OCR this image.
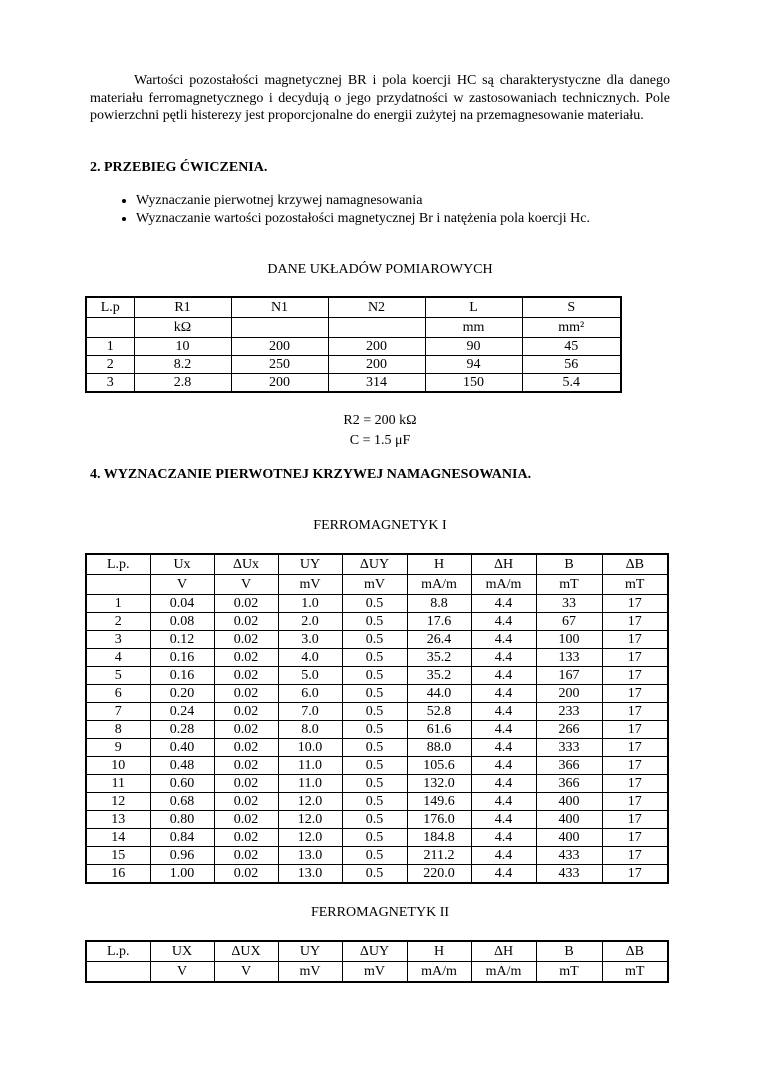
Wartości pozostałości magnetycznej BR i pola koercji HC są charakterystyczne dla danego materiału ferromagnetycznego i decydują o jego przydatności w zastosowaniach technicznych. Pole powierzchni pętli histerezy jest proporcjonalne do energii zużytej na przemagnesowanie materiału.

2. PRZEBIEG ĆWICZENIA.

• Wyznaczanie pierwotnej krzywej namagnesowania
• Wyznaczanie wartości pozostałości magnetycznej Br i natężenia pola koercji Hc.

DANE UKŁADÓW POMIAROWYCH

L.p	R1	N1	N2	L	S
	kΩ			mm	mm²
1	10	200	200	90	45
2	8.2	250	200	94	56
3	2.8	200	314	150	5.4

R2 = 200 kΩ

C = 1.5 μF

4. WYZNACZANIE PIERWOTNEJ KRZYWEJ NAMAGNESOWANIA.

FERROMAGNETYK I

L.p.	Ux	ΔUx	UY	ΔUY	H	ΔH	B	ΔB
	V	V	mV	mV	mA/m	mA/m	mT	mT
1	0.04	0.02	1.0	0.5	8.8	4.4	33	17
2	0.08	0.02	2.0	0.5	17.6	4.4	67	17
3	0.12	0.02	3.0	0.5	26.4	4.4	100	17
4	0.16	0.02	4.0	0.5	35.2	4.4	133	17
5	0.16	0.02	5.0	0.5	35.2	4.4	167	17
6	0.20	0.02	6.0	0.5	44.0	4.4	200	17
7	0.24	0.02	7.0	0.5	52.8	4.4	233	17
8	0.28	0.02	8.0	0.5	61.6	4.4	266	17
9	0.40	0.02	10.0	0.5	88.0	4.4	333	17
10	0.48	0.02	11.0	0.5	105.6	4.4	366	17
11	0.60	0.02	11.0	0.5	132.0	4.4	366	17
12	0.68	0.02	12.0	0.5	149.6	4.4	400	17
13	0.80	0.02	12.0	0.5	176.0	4.4	400	17
14	0.84	0.02	12.0	0.5	184.8	4.4	400	17
15	0.96	0.02	13.0	0.5	211.2	4.4	433	17
16	1.00	0.02	13.0	0.5	220.0	4.4	433	17

FERROMAGNETYK II

L.p.	UX	ΔUX	UY	ΔUY	H	ΔH	B	ΔB
	V	V	mV	mV	mA/m	mA/m	mT	mT
